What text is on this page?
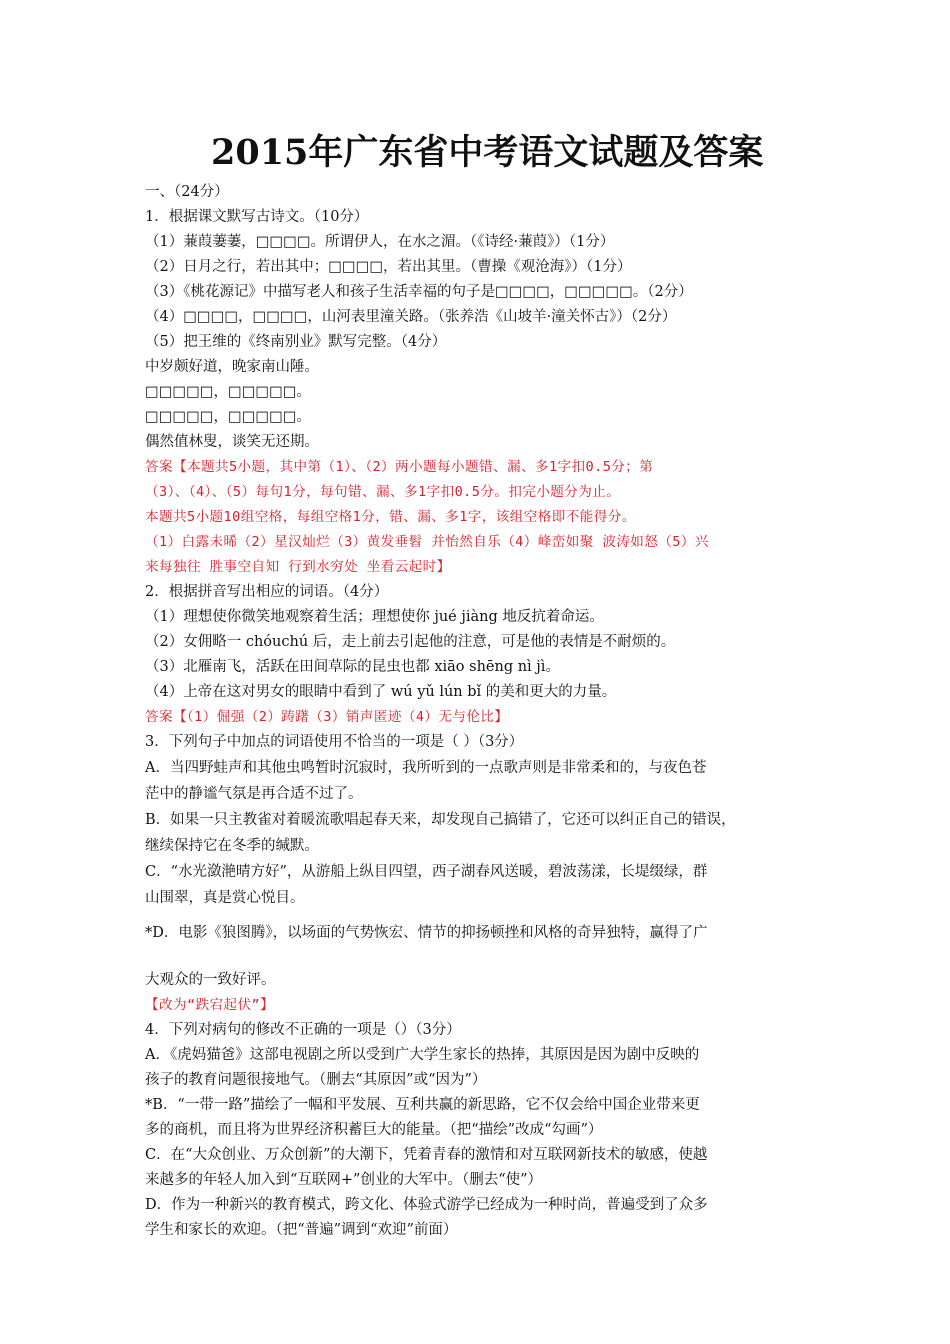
2015年广东省中考语文试题及答案
一、（24分）
1．根据课文默写古诗文。（10分）
（1）蒹葭萋萋，□□□□。所谓伊人，在水之湄。（《诗经·蒹葭》）（1分）
（2）日月之行，若出其中；□□□□，若出其里。（曹操《观沧海》）（1分）
（3）《桃花源记》中描写老人和孩子生活幸福的句子是□□□□，□□□□□。（2分）
（4）□□□□，□□□□，山河表里潼关路。（张养浩《山坡羊·潼关怀古》）（2分）
（5）把王维的《终南别业》默写完整。（4分）
中岁颇好道，晚家南山陲。
□□□□□，□□□□□。
□□□□□，□□□□□。
偶然值林叟，谈笑无还期。
答案【本题共5小题，其中第（1）、（2）两小题每小题错、漏、多1字扣0.5分；第
（3）、（4）、（5）每句1分，每句错、漏、多1字扣0.5分。扣完小题分为止。
本题共5小题10组空格，每组空格1分，错、漏、多1字，该组空格即不能得分。
（1）白露未晞（2）星汉灿烂（3）黄发垂髫 并怡然自乐（4）峰峦如聚 波涛如怒（5）兴
来每独往 胜事空自知 行到水穷处 坐看云起时】
2．根据拼音写出相应的词语。（4分）
（1）理想使你微笑地观察着生活；理想使你 jué jiàng 地反抗着命运。
（2）女佣略一 chóuchú 后，走上前去引起他的注意，可是他的表情是不耐烦的。
（3）北雁南飞，活跃在田间草际的昆虫也都 xiāo shēng nì jì。
（4）上帝在这对男女的眼睛中看到了 wú yǔ lún bǐ 的美和更大的力量。
答案【（1）倔强（2）踌躇（3）销声匿迹（4）无与伦比】
3．下列句子中加点的词语使用不恰当的一项是（ ）（3分）
A．当四野蛙声和其他虫鸣暂时沉寂时，我所听到的一点歌声则是非常柔和的，与夜色苍
茫中的静谧气氛是再合适不过了。
B．如果一只主教雀对着暖流歌唱起春天来，却发现自己搞错了，它还可以纠正自己的错误，
继续保持它在冬季的缄默。
C．“水光潋滟晴方好”，从游船上纵目四望，西子湖春风送暖，碧波荡漾，长堤缀绿，群
山围翠，真是赏心悦目。
*D．电影《狼图腾》，以场面的气势恢宏、情节的抑扬顿挫和风格的奇异独特，赢得了广
大观众的一致好评。
【改为“跌宕起伏”】
4．下列对病句的修改不正确的一项是（）（3分）
A．《虎妈猫爸》这部电视剧之所以受到广大学生家长的热捧，其原因是因为剧中反映的
孩子的教育问题很接地气。（删去“其原因”或“因为”）
*B．“一带一路”描绘了一幅和平发展、互利共赢的新思路，它不仅会给中国企业带来更
多的商机，而且将为世界经济积蓄巨大的能量。（把“描绘”改成“勾画”）
C．在“大众创业、万众创新”的大潮下，凭着青春的激情和对互联网新技术的敏感，使越
来越多的年轻人加入到“互联网+”创业的大军中。（删去“使”）
D．作为一种新兴的教育模式，跨文化、体验式游学已经成为一种时尚，普遍受到了众多
学生和家长的欢迎。（把“普遍”调到“欢迎”前面）
